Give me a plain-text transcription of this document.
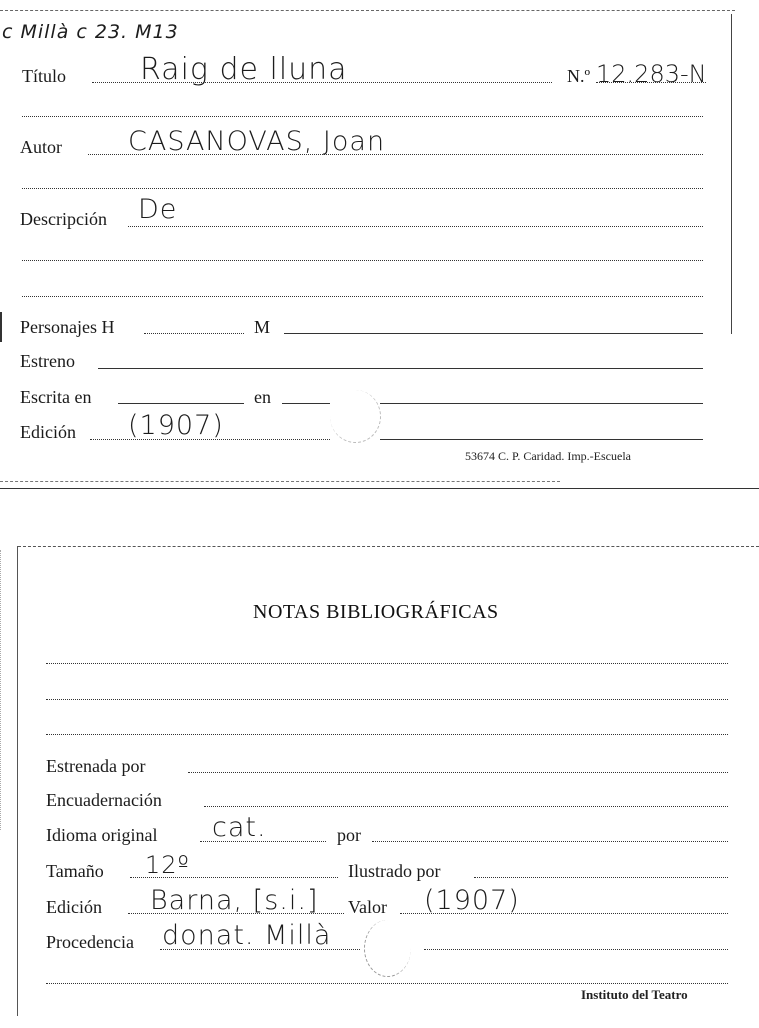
c Millà c 23. M13
Título Raig de lluna	N.º 12.283-N
Autor CASANOVAS, Joan
Descripción De
Personajes H	M
Estreno
Escrita en	en
Edición (1907)
53674 C. P. Caridad. Imp.-Escuela
NOTAS BIBLIOGRÁFICAS
Estrenada por
Encuadernación
Idioma original cat.	por
Tamaño 12º	Ilustrado por
Edición Barna, [s.i.] Valor (1907)
Procedencia donat. Millà
Instituto del Teatro
